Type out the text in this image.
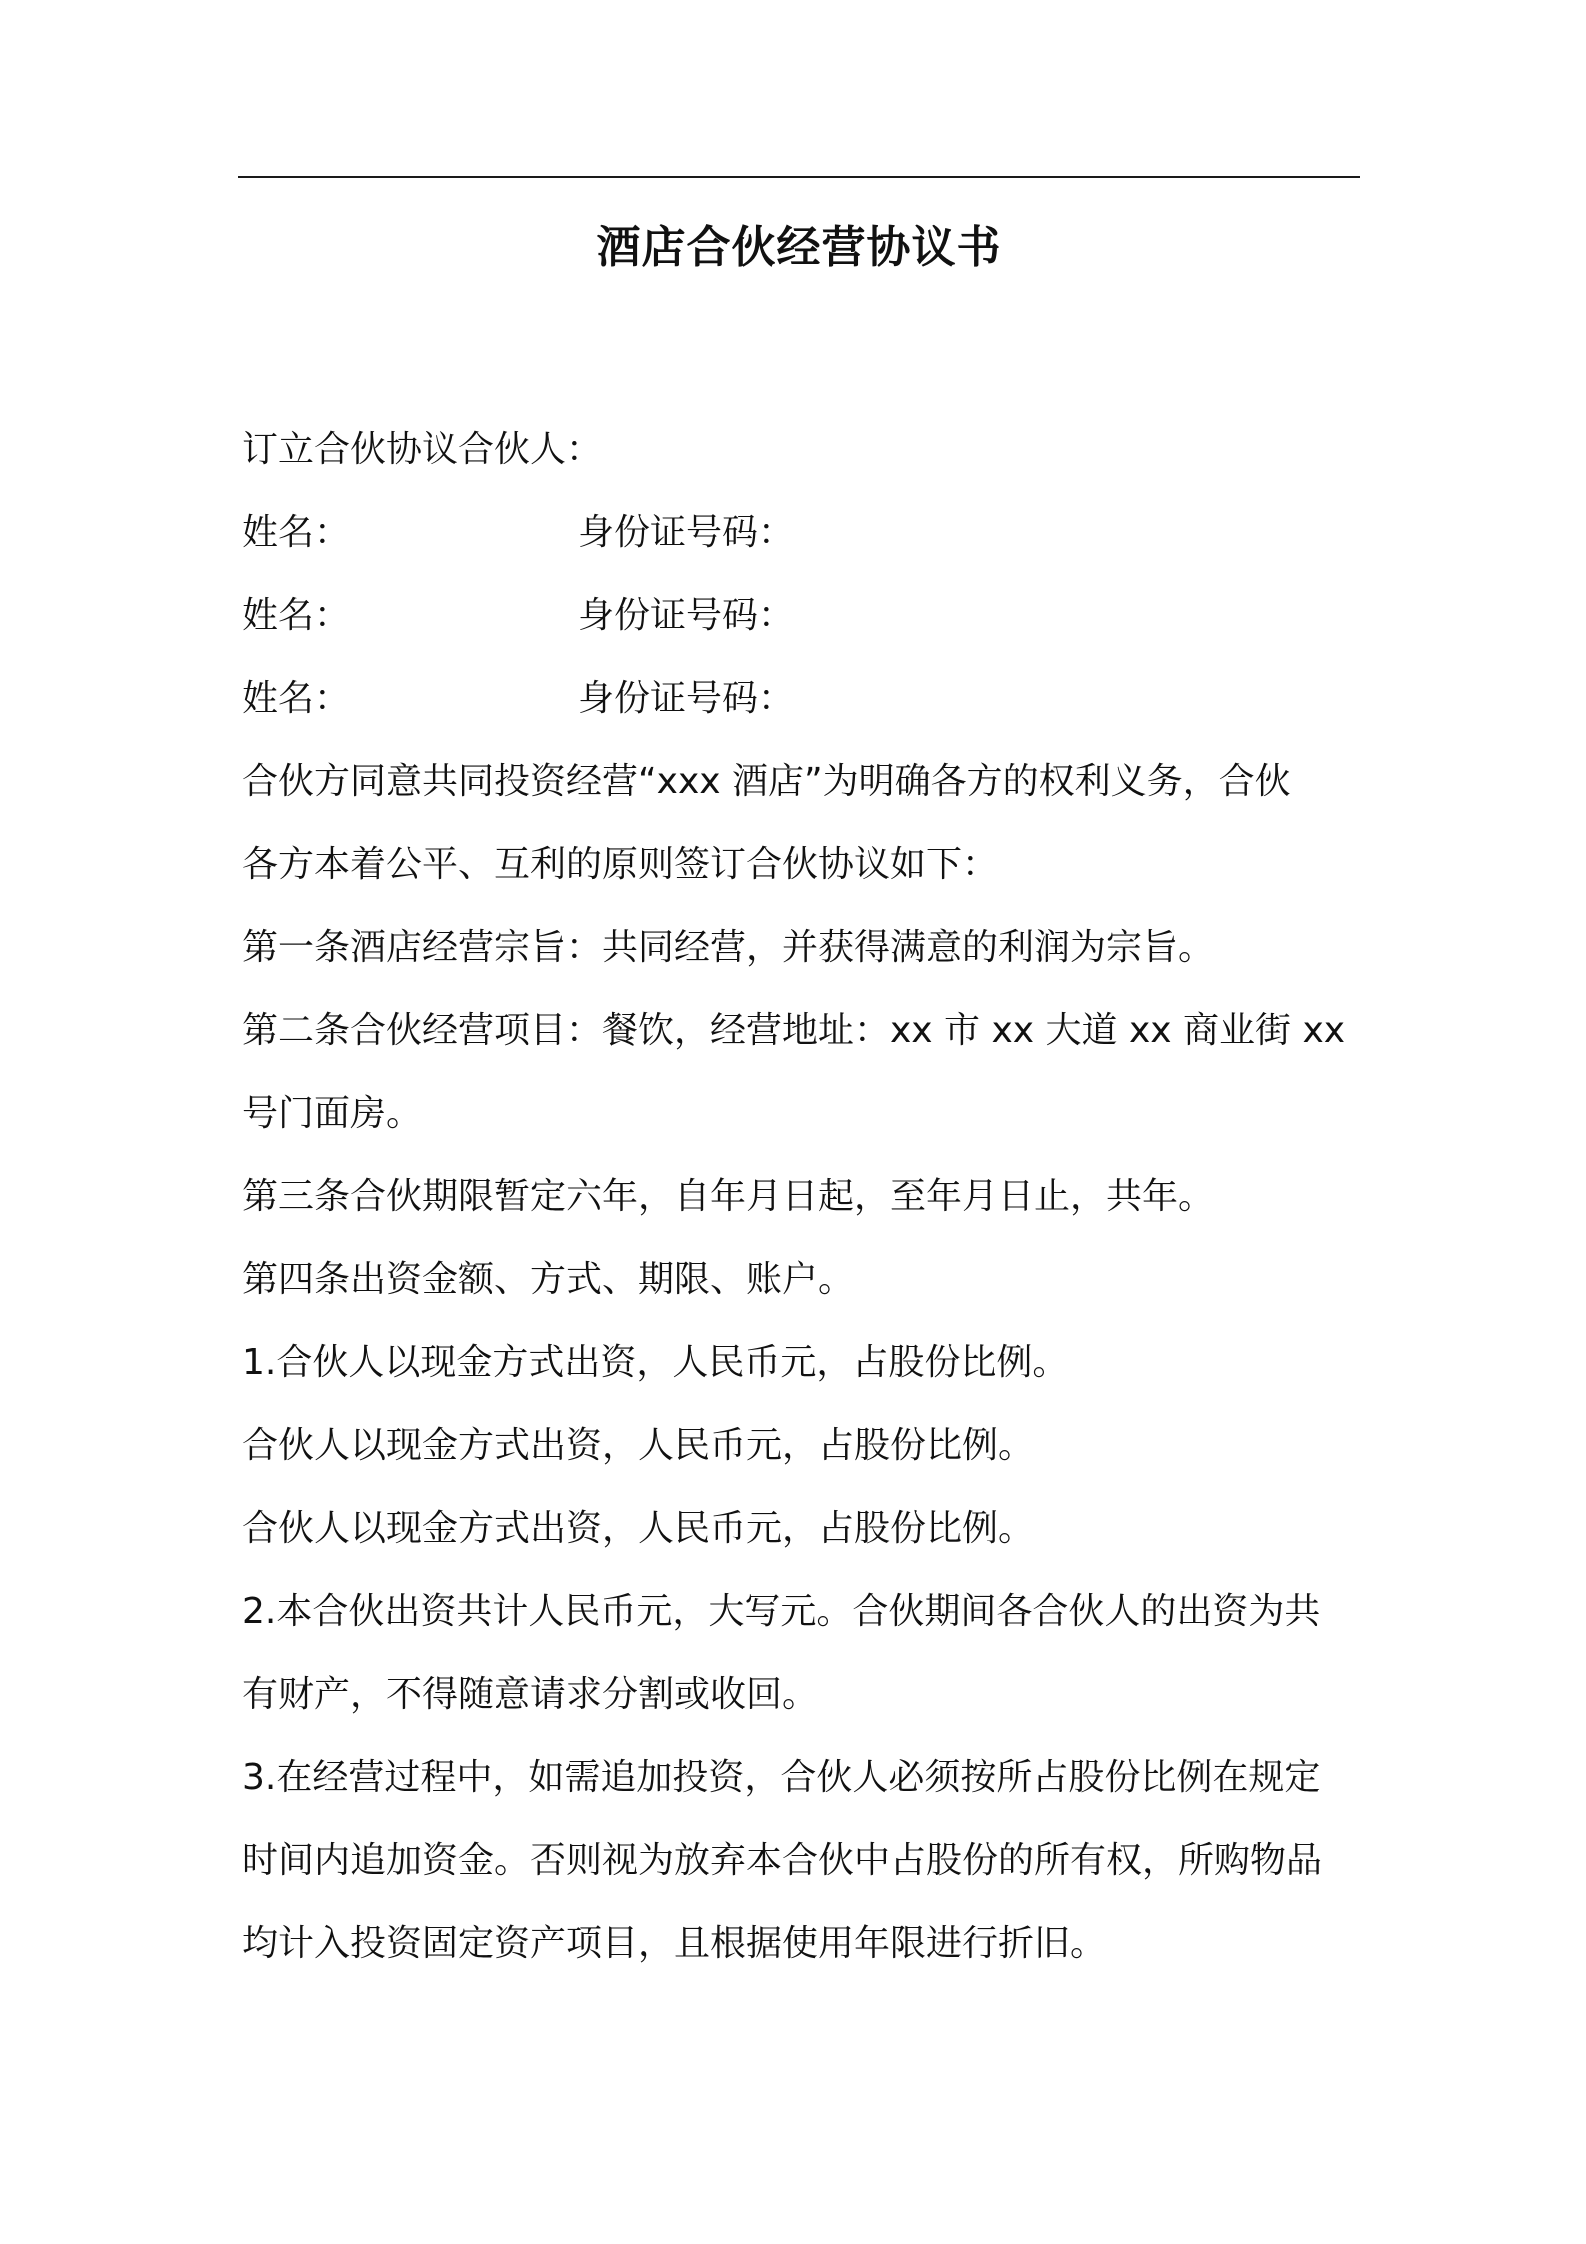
酒店合伙经营协议书
订立合伙协议合伙人：
姓名：	身份证号码：
姓名：	身份证号码：
姓名：	身份证号码：
合伙方同意共同投资经营“xxx 酒店”为明确各方的权利义务，合伙
各方本着公平、互利的原则签订合伙协议如下：
第一条酒店经营宗旨：共同经营，并获得满意的利润为宗旨。
第二条合伙经营项目：餐饮，经营地址：xx 市 xx 大道 xx 商业街 xx
号门面房。
第三条合伙期限暂定六年，自年月日起，至年月日止，共年。
第四条出资金额、方式、期限、账户。
1.合伙人以现金方式出资，人民币元，占股份比例。
合伙人以现金方式出资，人民币元，占股份比例。
合伙人以现金方式出资，人民币元，占股份比例。
2.本合伙出资共计人民币元，大写元。合伙期间各合伙人的出资为共
有财产，不得随意请求分割或收回。
3.在经营过程中，如需追加投资，合伙人必须按所占股份比例在规定
时间内追加资金。否则视为放弃本合伙中占股份的所有权，所购物品
均计入投资固定资产项目，且根据使用年限进行折旧。
